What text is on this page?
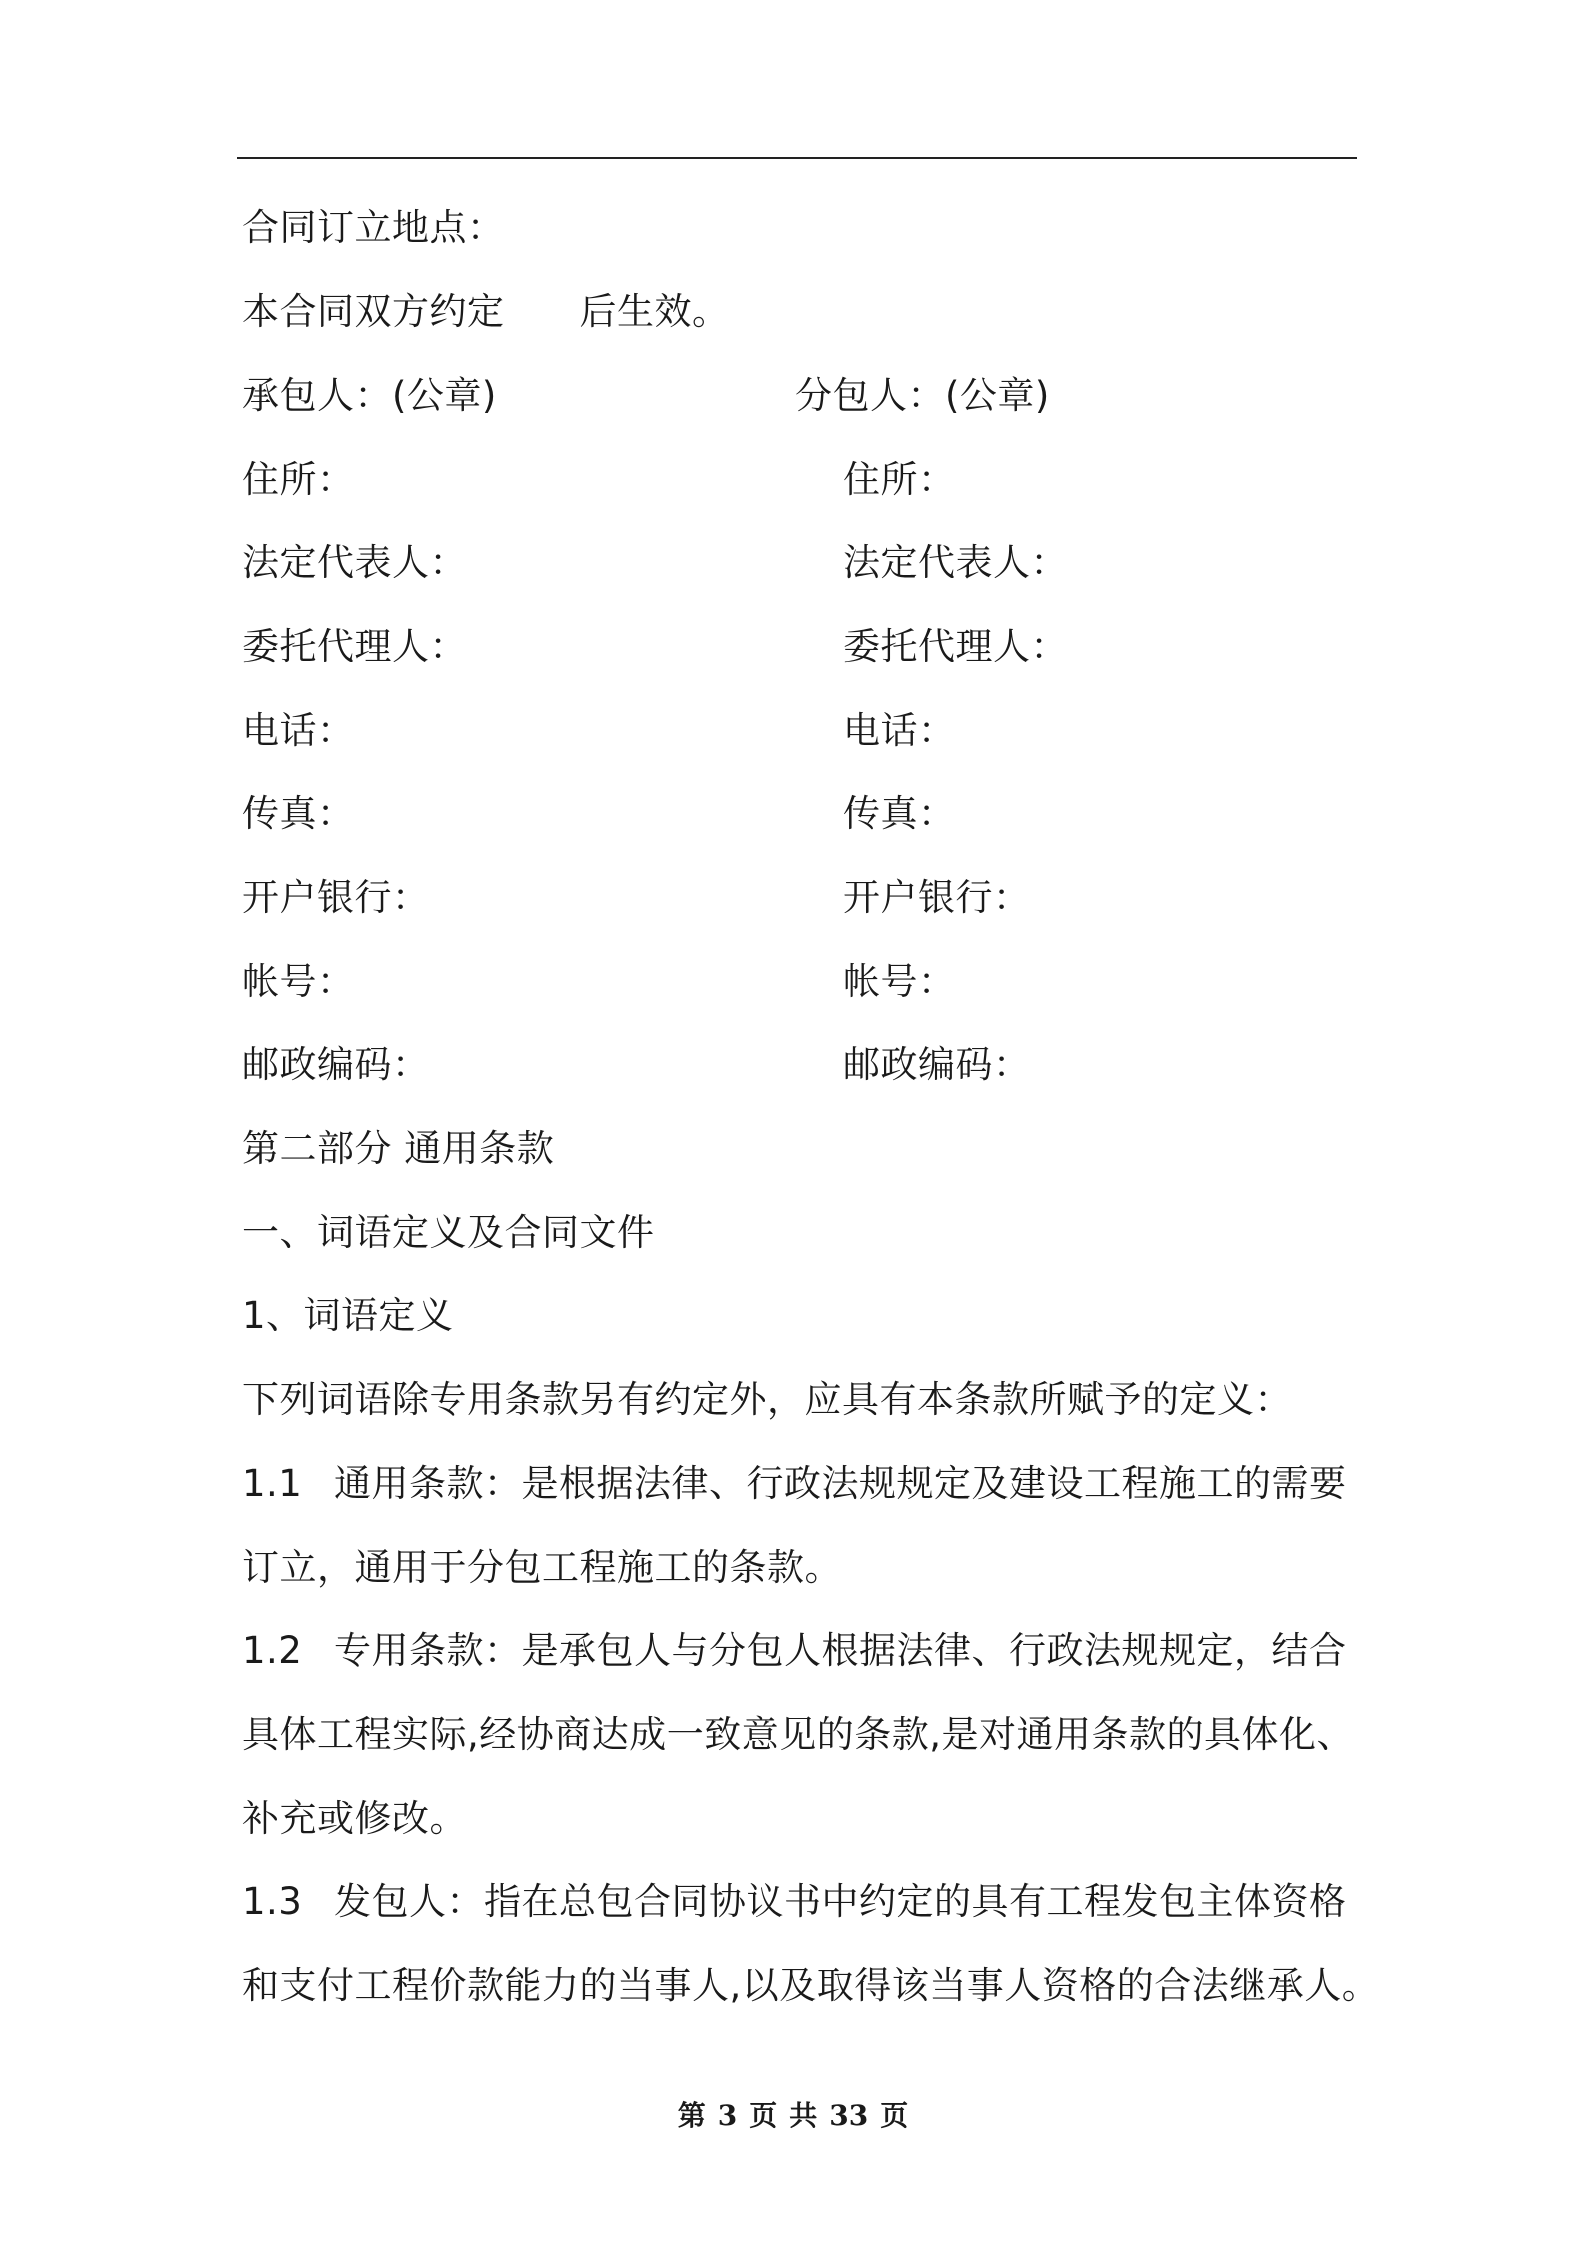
合同订立地点：
本合同双方约定 后生效。
承包人：(公章)	分包人：(公章)
住所：	住所：
法定代表人：	法定代表人：
委托代理人：	委托代理人：
电话：	电话：
传真：	传真：
开户银行：	开户银行：
帐号：	帐号：
邮政编码：	邮政编码：
第二部分 通用条款
一、词语定义及合同文件
1、词语定义
下列词语除专用条款另有约定外，应具有本条款所赋予的定义：
1.1 通用条款：是根据法律、行政法规规定及建设工程施工的需要
订立，通用于分包工程施工的条款。
1.2 专用条款：是承包人与分包人根据法律、行政法规规定，结合
具体工程实际,经协商达成一致意见的条款,是对通用条款的具体化、
补充或修改。
1.3 发包人：指在总包合同协议书中约定的具有工程发包主体资格
和支付工程价款能力的当事人,以及取得该当事人资格的合法继承人。
第 3 页 共 33 页
